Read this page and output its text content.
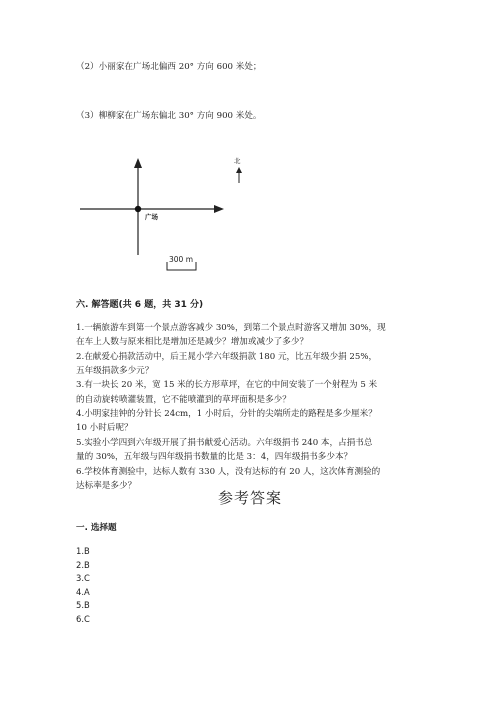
（2）小丽家在广场北偏西 20° 方向 600 米处；
（3）柳柳家在广场东偏北 30° 方向 900 米处。
北
广场
300 m
六. 解答题(共 6 题，共 31 分)
1.一辆旅游车到第一个景点游客减少 30%，到第二个景点时游客又增加 30%，现
在车上人数与原来相比是增加还是减少？增加或减少了多少？
2.在献爱心捐款活动中，后王晁小学六年级捐款 180 元，比五年级少捐 25%，
五年级捐款多少元？
3.有一块长 20 米，宽 15 米的长方形草坪，在它的中间安装了一个射程为 5 米
的自动旋转喷灌装置，它不能喷灌到的草坪面积是多少？
4.小明家挂钟的分针长 24cm，1 小时后，分针的尖端所走的路程是多少厘米？
10 小时后呢？
5.实验小学四到六年级开展了捐书献爱心活动。六年级捐书 240 本，占捐书总
量的 30%，五年级与四年级捐书数量的比是 3：4，四年级捐书多少本？
6.学校体育测验中，达标人数有 330 人，没有达标的有 20 人，这次体育测验的
达标率是多少？
参考答案
一. 选择题
1.B
2.B
3.C
4.A
5.B
6.C
